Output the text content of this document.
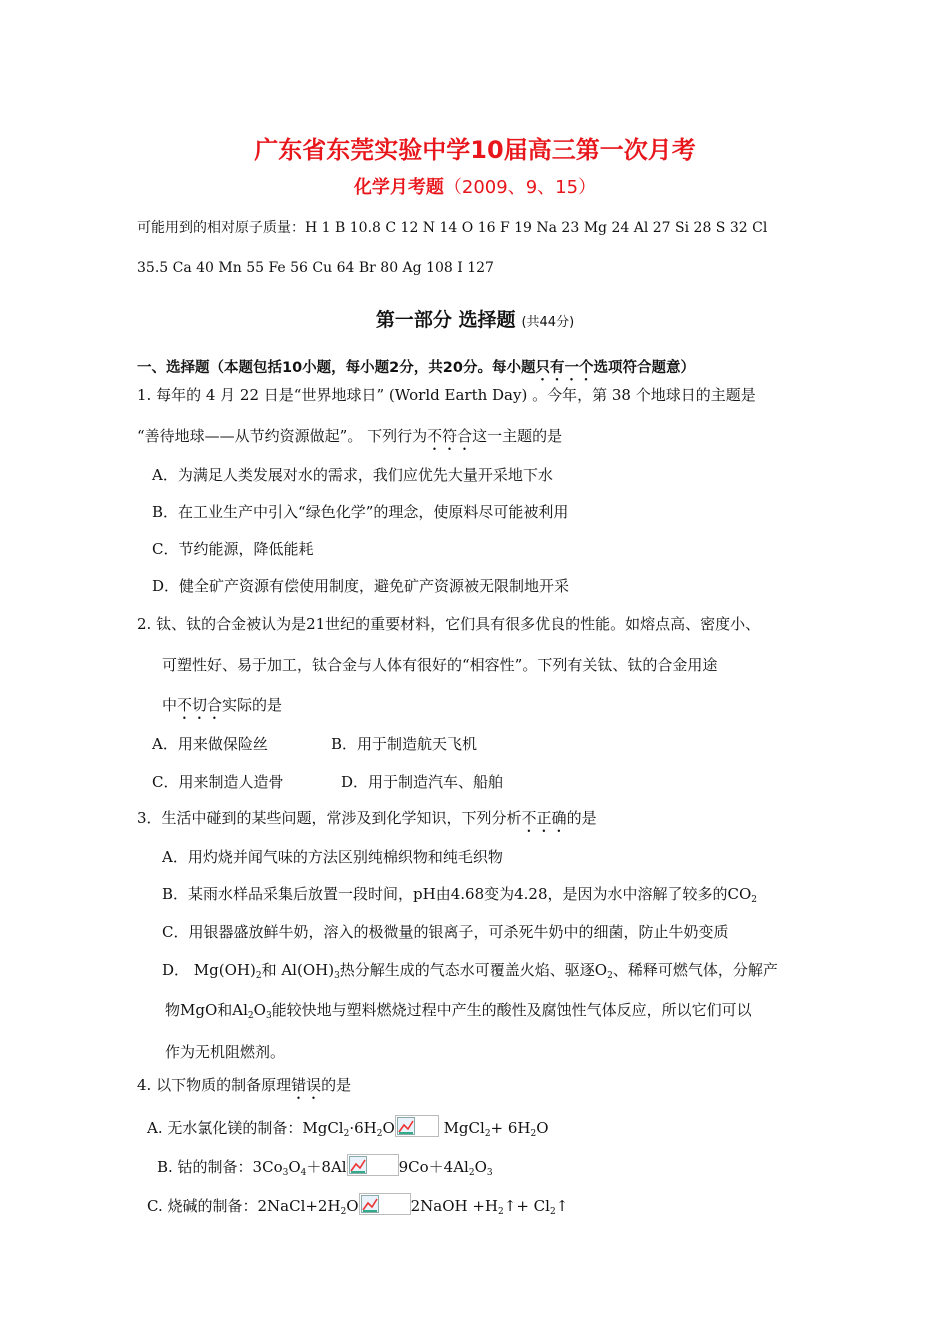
广东省东莞实验中学10届高三第一次月考
化学月考题（2009、9、15）
可能用到的相对原子质量：H 1 B 10.8 C 12 N 14 O 16 F 19 Na 23 Mg 24 Al 27 Si 28 S 32 Cl
35.5 Ca 40 Mn 55 Fe 56 Cu 64 Br 80 Ag 108 I 127
第一部分 选择题 (共44分)
一、选择题（本题包括10小题，每小题2分，共20分。每小题只有一个选项符合题意）
1. 每年的 4 月 22 日是“世界地球日” (World Earth Day) 。今年，第 38 个地球日的主题是
“善待地球——从节约资源做起”。 下列行为不符合这一主题的是
A．为满足人类发展对水的需求，我们应优先大量开采地下水
B．在工业生产中引入“绿色化学”的理念，使原料尽可能被利用
C．节约能源，降低能耗
D．健全矿产资源有偿使用制度，避免矿产资源被无限制地开采
2. 钛、钛的合金被认为是21世纪的重要材料，它们具有很多优良的性能。如熔点高、密度小、
可塑性好、易于加工，钛合金与人体有很好的“相容性”。下列有关钛、钛的合金用途
中不切合实际的是
A．用来做保险丝	B．用于制造航天飞机
C．用来制造人造骨	D．用于制造汽车、船舶
3．生活中碰到的某些问题，常涉及到化学知识，下列分析不正确的是
A．用灼烧并闻气味的方法区别纯棉织物和纯毛织物
B．某雨水样品采集后放置一段时间，pH由4.68变为4.28，是因为水中溶解了较多的$CO_2$
C．用银器盛放鲜牛奶，溶入的极微量的银离子，可杀死牛奶中的细菌，防止牛奶变质
D． $Mg(OH)_2$和 $Al(OH)_3$热分解生成的气态水可覆盖火焰、驱逐$O_2$、稀释可燃气体，分解产
物MgO和$Al_2O_3$能较快地与塑料燃烧过程中产生的酸性及腐蚀性气体反应，所以它们可以
作为无机阻燃剂。
4. 以下物质的制备原理错误的是
A. 无水氯化镁的制备：$MgCl_2\cdot 6H_2O$	MgCl$_2$+ $6H_2O$
B. 钴的制备：$3Co_3O_4+8Al$	$9Co+4Al_2O_3$
C. 烧碱的制备：$2NaCl+2H_2O$	2NaOH $+H_2↑+$ $Cl_2↑$
